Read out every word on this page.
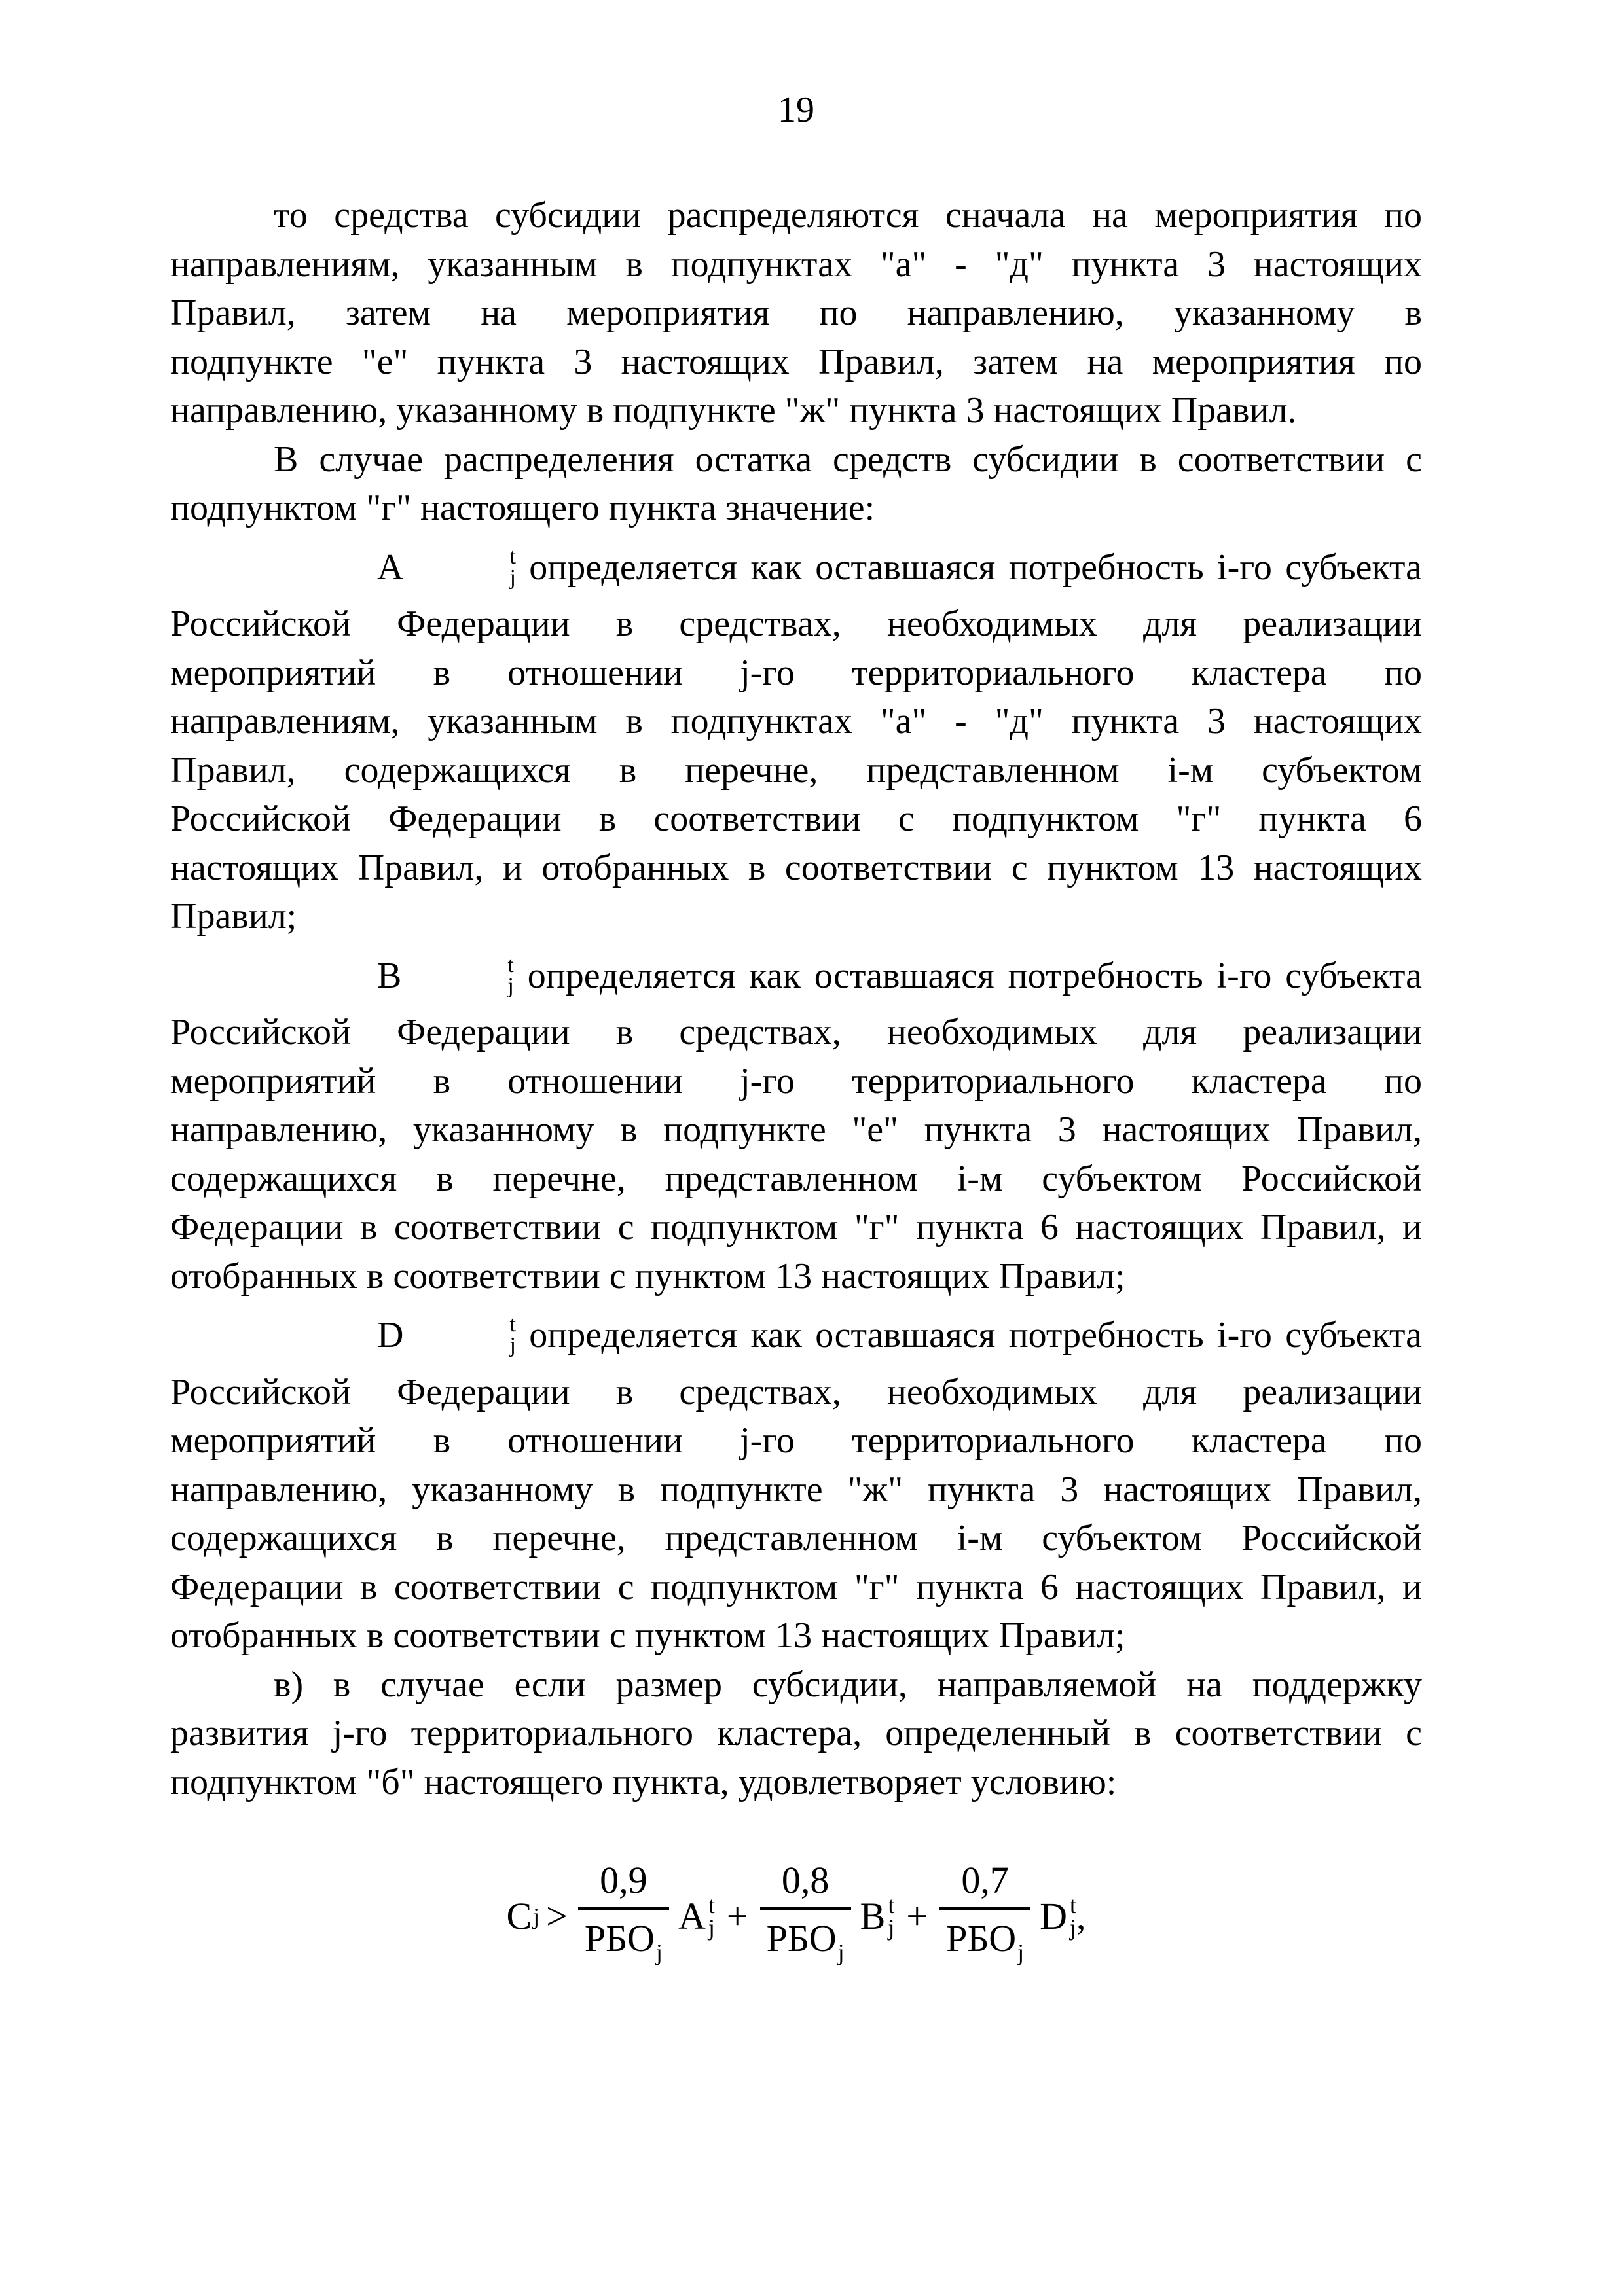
19
то средства субсидии распределяются сначала на мероприятия по
направлениям, указанным в подпунктах "а" - "д" пункта 3 настоящих
Правил, затем на мероприятия по направлению, указанному в
подпункте "е" пункта 3 настоящих Правил, затем на мероприятия по
направлению, указанному в подпункте "ж" пункта 3 настоящих Правил.
В случае распределения остатка средств субсидии в соответствии с
подпунктом "г" настоящего пункта значение:
A	t
j определяется как оставшаяся потребность i-го субъекта
Российской Федерации в средствах, необходимых для реализации
мероприятий в отношении j-го территориального кластера по
направлениям, указанным в подпунктах "а" - "д" пункта 3 настоящих
Правил, содержащихся в перечне, представленном i-м субъектом
Российской Федерации в соответствии с подпунктом "г" пункта 6
настоящих Правил, и отобранных в соответствии с пунктом 13 настоящих
Правил;
B	t
j определяется как оставшаяся потребность i-го субъекта
Российской Федерации в средствах, необходимых для реализации
мероприятий в отношении j-го территориального кластера по
направлению, указанному в подпункте "е" пункта 3 настоящих Правил,
содержащихся в перечне, представленном i-м субъектом Российской
Федерации в соответствии с подпунктом "г" пункта 6 настоящих Правил, и
отобранных в соответствии с пунктом 13 настоящих Правил;
D	t
j определяется как оставшаяся потребность i-го субъекта
Российской Федерации в средствах, необходимых для реализации
мероприятий в отношении j-го территориального кластера по
направлению, указанному в подпункте "ж" пункта 3 настоящих Правил,
содержащихся в перечне, представленном i-м субъектом Российской
Федерации в соответствии с подпунктом "г" пункта 6 настоящих Правил, и
отобранных в соответствии с пунктом 13 настоящих Правил;
в) в случае если размер субсидии, направляемой на поддержку
развития j-го территориального кластера, определенный в соответствии с
подпунктом "б" настоящего пункта, удовлетворяет условию:
C $j > \frac{0,9}{РБО_j}$ A t
$j + \frac{0,8}{РБО_j}$ B t
$j + \frac{0,7}{РБО_j}$ D t
j ,
